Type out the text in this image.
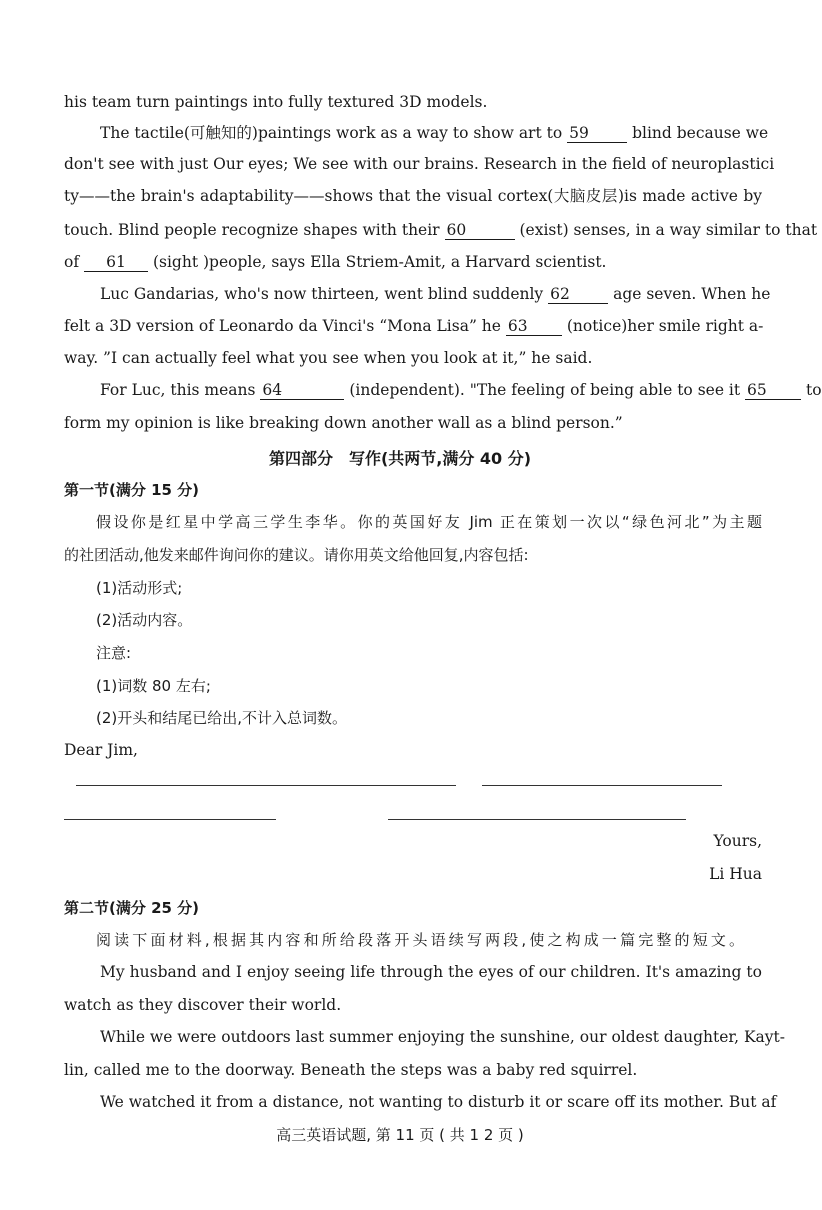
his team turn paintings into fully textured 3D models.
The tactile(可触知的)paintings work as a way to show art to 59	blind because we
don't see with just Our eyes; We see with our brains. Research in the field of neuroplastici
ty——the brain's adaptability——shows that the visual cortex(大脑皮层)is made active by
touch. Blind people recognize shapes with their 60	(exist) senses, in a way similar to that
of 61 (sight )people, says Ella Striem-Amit, a Harvard scientist.
Luc Gandarias, who's now thirteen, went blind suddenly 62	age seven. When he
felt a 3D version of Leonardo da Vinci's “Mona Lisa” he 63	(notice)her smile right a-
way. ”I can actually feel what you see when you look at it,” he said.
For Luc, this means 64	(independent). "The feeling of being able to see it 65	to
form my opinion is like breaking down another wall as a blind person.”
第四部分　写作(共两节,满分 40 分)
第一节(满分 15 分)
假设你是红星中学高三学生李华。你的英国好友 Jim 正在策划一次以“绿色河北”为主题
的社团活动,他发来邮件询问你的建议。请你用英文给他回复,内容包括:
(1)活动形式;
(2)活动内容。
注意:
(1)词数 80 左右;
(2)开头和结尾已给出,不计入总词数。
Dear Jim,
Yours,
Li Hua
第二节(满分 25 分)
阅读下面材料,根据其内容和所给段落开头语续写两段,使之构成一篇完整的短文。
My husband and I enjoy seeing life through the eyes of our children. It's amazing to
watch as they discover their world.
While we were outdoors last summer enjoying the sunshine, our oldest daughter, Kayt-
lin, called me to the doorway. Beneath the steps was a baby red squirrel.
We watched it from a distance, not wanting to disturb it or scare off its mother. But af
高三英语试题, 第 11 页 ( 共 1 2 页 )
